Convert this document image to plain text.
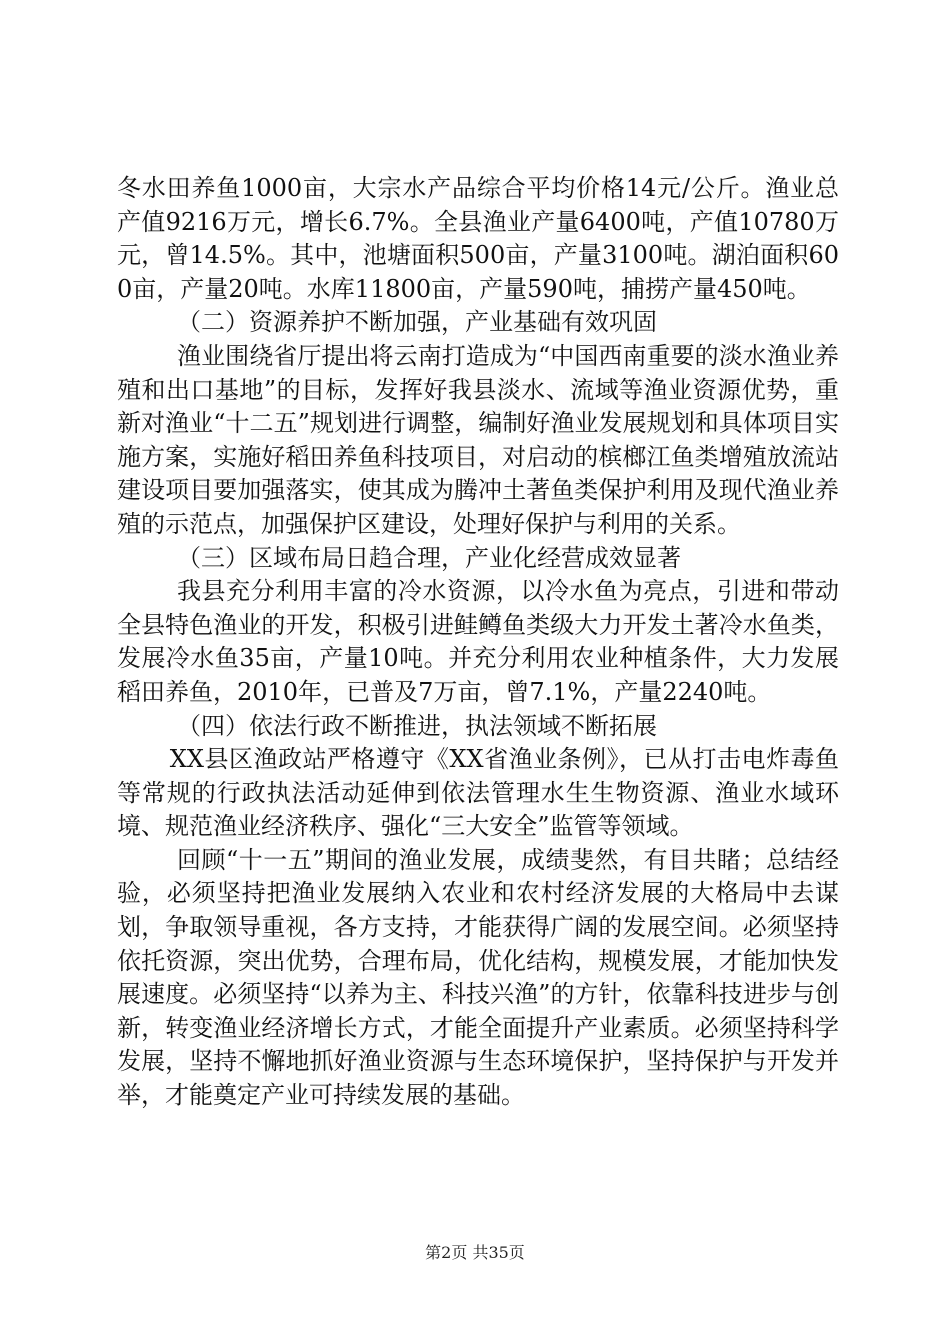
冬水田养鱼1000亩，大宗水产品综合平均价格14元/公斤。渔业总产值9216万元，增长6.7%。全县渔业产量6400吨，产值10780万元，曾14.5%。其中，池塘面积500亩，产量3100吨。湖泊面积600亩，产量20吨。水库11800亩，产量590吨，捕捞产量450吨。

（二）资源养护不断加强，产业基础有效巩固

渔业围绕省厅提出将云南打造成为“中国西南重要的淡水渔业养殖和出口基地”的目标，发挥好我县淡水、流域等渔业资源优势，重新对渔业“十二五”规划进行调整，编制好渔业发展规划和具体项目实施方案，实施好稻田养鱼科技项目，对启动的槟榔江鱼类增殖放流站建设项目要加强落实，使其成为腾冲土著鱼类保护利用及现代渔业养殖的示范点，加强保护区建设，处理好保护与利用的关系。

（三）区域布局日趋合理，产业化经营成效显著

我县充分利用丰富的冷水资源，以冷水鱼为亮点，引进和带动全县特色渔业的开发，积极引进鲑鳟鱼类级大力开发土著冷水鱼类，发展冷水鱼35亩，产量10吨。并充分利用农业种植条件，大力发展稻田养鱼，2010年，已普及7万亩，曾7.1%，产量2240吨。

（四）依法行政不断推进，执法领域不断拓展

XX县区渔政站严格遵守《XX省渔业条例》，已从打击电炸毒鱼等常规的行政执法活动延伸到依法管理水生生物资源、渔业水域环境、规范渔业经济秩序、强化“三大安全”监管等领域。

回顾“十一五”期间的渔业发展，成绩斐然，有目共睹；总结经验，必须坚持把渔业发展纳入农业和农村经济发展的大格局中去谋划，争取领导重视，各方支持，才能获得广阔的发展空间。必须坚持依托资源，突出优势，合理布局，优化结构，规模发展，才能加快发展速度。必须坚持“以养为主、科技兴渔”的方针，依靠科技进步与创新，转变渔业经济增长方式，才能全面提升产业素质。必须坚持科学发展，坚持不懈地抓好渔业资源与生态环境保护，坚持保护与开发并举，才能奠定产业可持续发展的基础。

第2页 共35页
